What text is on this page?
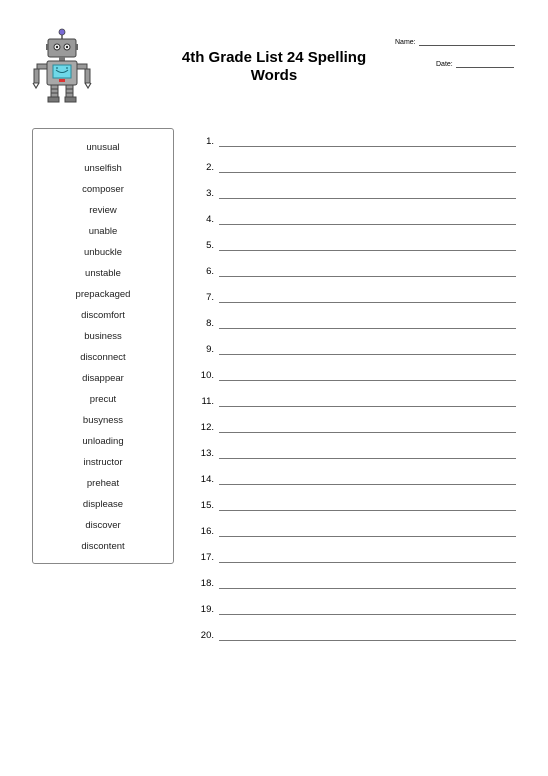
4th Grade List 24 Spelling Words
Name:
Date:
unusual
unselfish
composer
review
unable
unbuckle
unstable
prepackaged
discomfort
business
disconnect
disappear
precut
busyness
unloading
instructor
preheat
displease
discover
discontent
1.
2.
3.
4.
5.
6.
7.
8.
9.
10.
11.
12.
13.
14.
15.
16.
17.
18.
19.
20.
